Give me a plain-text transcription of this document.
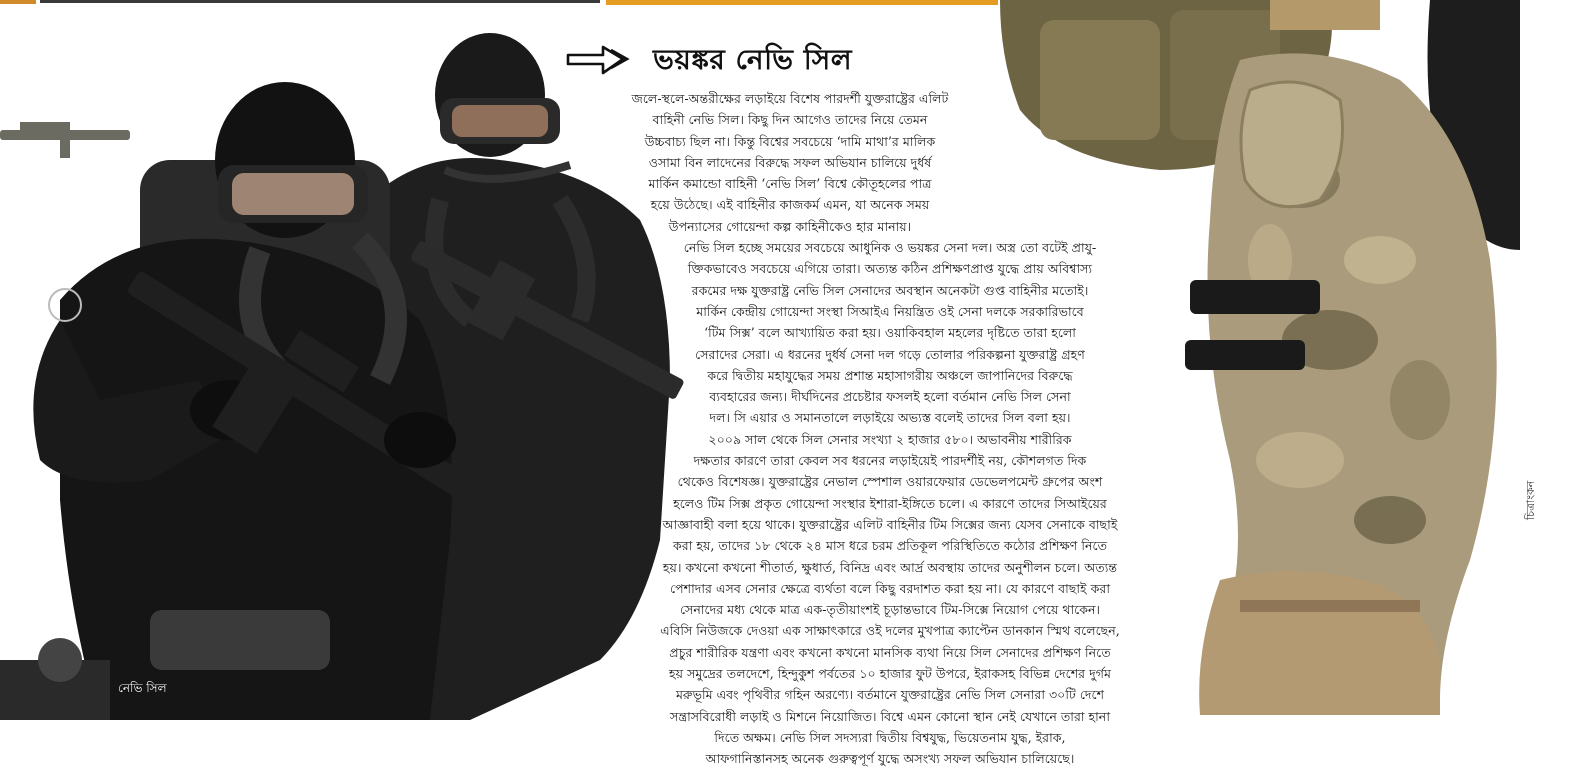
নেভি সিল
চিত্রাংকন
ভয়ঙ্কর নেভি সিল
জলে-স্থলে-অন্তরীক্ষের লড়াইয়ে বিশেষ পারদর্শী যুক্তরাষ্ট্রের এলিট
বাহিনী নেভি সিল। কিছু দিন আগেও তাদের নিয়ে তেমন
উচ্চবাচ্য ছিল না। কিন্তু বিশ্বের সবচেয়ে ‘দামি মাথা’র মালিক
ওসামা বিন লাদেনের বিরুদ্ধে সফল অভিযান চালিয়ে দুর্ধর্ষ
মার্কিন কমান্ডো বাহিনী ‘নেভি সিল’ বিশ্বে কৌতূহলের পাত্র
হয়ে উঠেছে। এই বাহিনীর কাজকর্ম এমন, যা অনেক সময়
উপন্যাসের গোয়েন্দা কল্প কাহিনীকেও হার মানায়।
নেভি সিল হচ্ছে সময়ের সবচেয়ে আধুনিক ও ভয়ঙ্কর সেনা দল। অস্ত্র তো বটেই প্রাযু-
ক্তিকভাবেও সবচেয়ে এগিয়ে তারা। অত্যন্ত কঠিন প্রশিক্ষণপ্রাপ্ত যুদ্ধে প্রায় অবিশ্বাস্য
রকমের দক্ষ যুক্তরাষ্ট্র নেভি সিল সেনাদের অবস্থান অনেকটা গুপ্ত বাহিনীর মতোই।
মার্কিন কেন্দ্রীয় গোয়েন্দা সংস্থা সিআইএ নিয়ন্ত্রিত ওই সেনা দলকে সরকারিভাবে
‘টিম সিক্স’ বলে আখ্যায়িত করা হয়। ওয়াকিবহাল মহলের দৃষ্টিতে তারা হলো
সেরাদের সেরা। এ ধরনের দুর্ধর্ষ সেনা দল গড়ে তোলার পরিকল্পনা যুক্তরাষ্ট্র গ্রহণ
করে দ্বিতীয় মহাযুদ্ধের সময় প্রশান্ত মহাসাগরীয় অঞ্চলে জাপানিদের বিরুদ্ধে
ব্যবহারের জন্য। দীর্ঘদিনের প্রচেষ্টার ফসলই হলো বর্তমান নেভি সিল সেনা
দল। সি এয়ার ও সমানতালে লড়াইয়ে অভ্যস্ত বলেই তাদের সিল বলা হয়।
২০০৯ সাল থেকে সিল সেনার সংখ্যা ২ হাজার ৫৮০। অভাবনীয় শারীরিক
দক্ষতার কারণে তারা কেবল সব ধরনের লড়াইয়েই পারদর্শীই নয়, কৌশলগত দিক
থেকেও বিশেষজ্ঞ। যুক্তরাষ্ট্রের নেভাল স্পেশাল ওয়ারফেয়ার ডেভেলপমেন্ট গ্রুপের অংশ
হলেও টিম সিক্স প্রকৃত গোয়েন্দা সংস্থার ইশারা-ইঙ্গিতে চলে। এ কারণে তাদের সিআইয়ের
আজ্ঞাবাহী বলা হয়ে থাকে। যুক্তরাষ্ট্রের এলিট বাহিনীর টিম সিক্সের জন্য যেসব সেনাকে বাছাই
করা হয়, তাদের ১৮ থেকে ২৪ মাস ধরে চরম প্রতিকূল পরিস্থিতিতে কঠোর প্রশিক্ষণ নিতে
হয়। কখনো কখনো শীতার্ত, ক্ষুধার্ত, বিনিদ্র এবং আর্দ্র অবস্থায় তাদের অনুশীলন চলে। অত্যন্ত
পেশাদার এসব সেনার ক্ষেত্রে ব্যর্থতা বলে কিছু বরদাশত করা হয় না। যে কারণে বাছাই করা
সেনাদের মধ্য থেকে মাত্র এক-তৃতীয়াংশই চূড়ান্তভাবে টিম-সিক্সে নিয়োগ পেয়ে থাকেন।
এবিসি নিউজকে দেওয়া এক সাক্ষাৎকারে ওই দলের মুখপাত্র ক্যাপ্টেন ডানকান স্মিথ বলেছেন,
প্রচুর শারীরিক যন্ত্রণা এবং কখনো কখনো মানসিক ব্যথা নিয়ে সিল সেনাদের প্রশিক্ষণ নিতে
হয় সমুদ্রের তলদেশে, হিন্দুকুশ পর্বতের ১০ হাজার ফুট উপরে, ইরাকসহ বিভিন্ন দেশের দুর্গম
মরুভূমি এবং পৃথিবীর গহিন অরণ্যে। বর্তমানে যুক্তরাষ্ট্রের নেভি সিল সেনারা ৩০টি দেশে
সন্ত্রাসবিরোধী লড়াই ও মিশনে নিয়োজিত। বিশ্বে এমন কোনো স্থান নেই যেখানে তারা হানা
দিতে অক্ষম। নেভি সিল সদস্যরা দ্বিতীয় বিশ্বযুদ্ধ, ভিয়েতনাম যুদ্ধ, ইরাক,
আফগানিস্তানসহ অনেক গুরুত্বপূর্ণ যুদ্ধে অসংখ্য সফল অভিযান চালিয়েছে।
